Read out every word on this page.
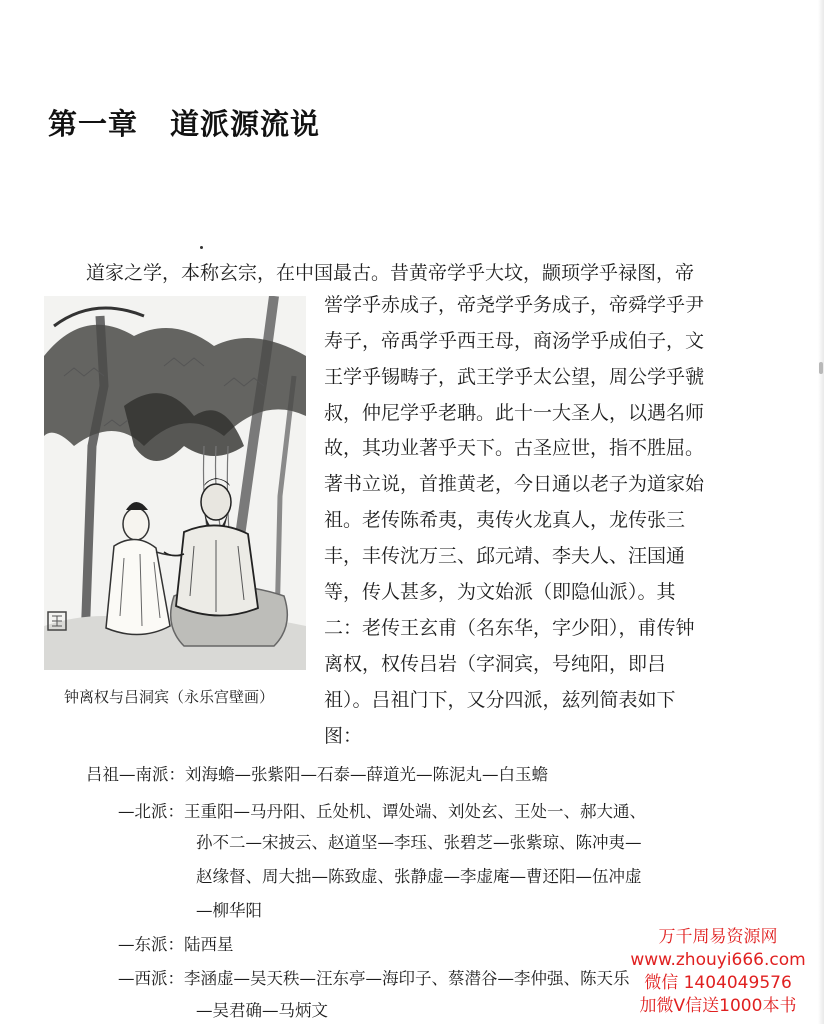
第一章 道派源流说
道家之学，本称玄宗，在中国最古。昔黄帝学乎大坟，颛顼学乎禄图，帝
喾学乎赤成子，帝尧学乎务成子，帝舜学乎尹
寿子，帝禹学乎西王母，商汤学乎成伯子，文
王学乎锡畴子，武王学乎太公望，周公学乎虢
叔，仲尼学乎老聃。此十一大圣人，以遇名师
故，其功业著乎天下。古圣应世，指不胜屈。
著书立说，首推黄老，今日通以老子为道家始
祖。老传陈希夷，夷传火龙真人，龙传张三
丰，丰传沈万三、邱元靖、李夫人、汪国通
等，传人甚多，为文始派（即隐仙派）。其
二：老传王玄甫（名东华，字少阳），甫传钟
离权，权传吕岩（字洞宾，号纯阳，即吕
祖）。吕祖门下，又分四派，兹列简表如下
图：
钟离权与吕洞宾（永乐宫壁画）
吕祖—南派：刘海蟾—张紫阳—石泰—薛道光—陈泥丸—白玉蟾
—北派：王重阳—马丹阳、丘处机、谭处端、刘处玄、王处一、郝大通、
孙不二—宋披云、赵道坚—李珏、张碧芝—张紫琼、陈冲夷—
赵缘督、周大拙—陈致虚、张静虚—李虚庵—曹还阳—伍冲虚
—柳华阳
—东派：陆西星
—西派：李涵虚—吴天秩—汪东亭—海印子、蔡潜谷—李仲强、陈天乐
—吴君确—马炳文
万千周易资源网
www.zhouyi666.com
微信 1404049576
加微V信送1000本书
